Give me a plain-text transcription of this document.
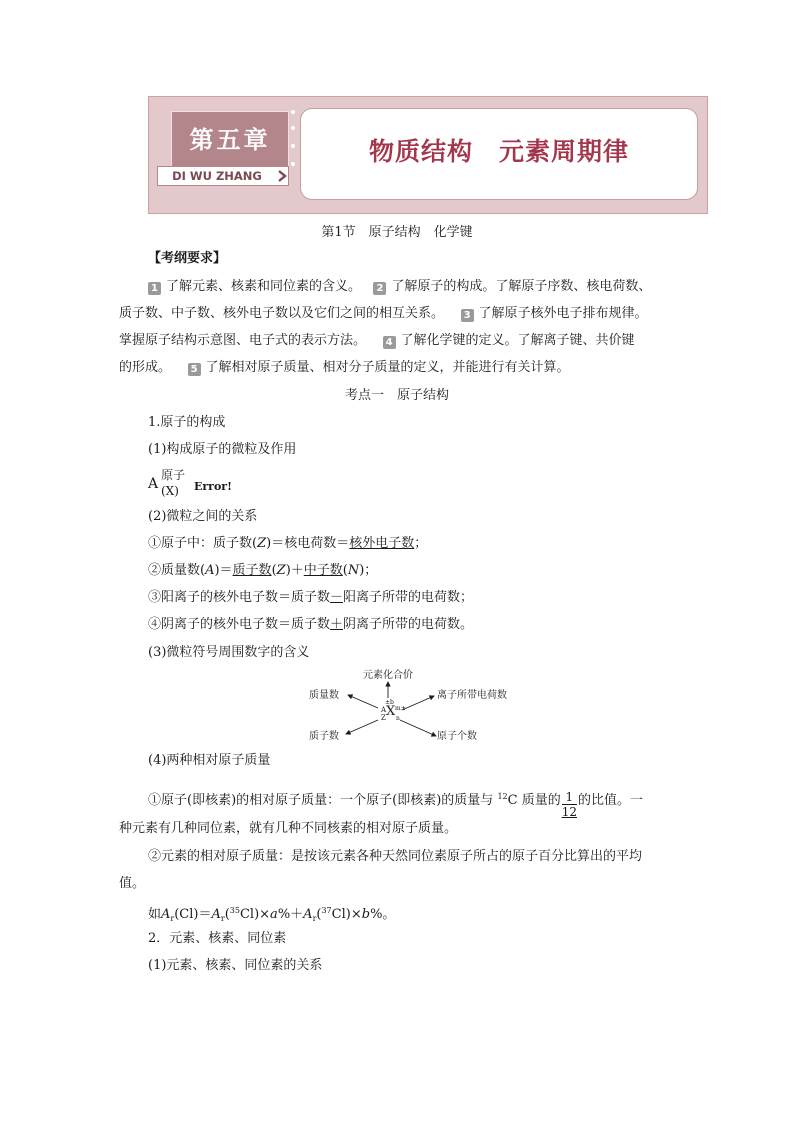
第五章
DI WU ZHANG
物质结构　元素周期律
第1节　原子结构　化学键
【考纲要求】
1 了解元素、核素和同位素的含义。 2 了解原子的构成。了解原子序数、核电荷数、
质子数、中子数、核外电子数以及它们之间的相互关系。 3 了解原子核外电子排布规律。
掌握原子结构示意图、电子式的表示方法。 4 了解化学键的定义。了解离子键、共价键
的形成。 5 了解相对原子质量、相对分子质量的定义，并能进行有关计算。
考点一　原子结构
1.原子的构成
(1)构成原子的微粒及作用
A
原子
(X) Error!
(2)微粒之间的关系
①原子中：质子数(Z)＝核电荷数＝核外电子数；
②质量数(A)＝质子数(Z)＋中子数(N)；
③阳离子的核外电子数＝质子数－阳离子所带的电荷数；
④阴离子的核外电子数＝质子数＋阴离子所带的电荷数。
(3)微粒符号周围数字的含义
元素化合价
质量数	离子所带电荷数
质子数	原子个数
A
Z X
±b
m±
n
(4)两种相对原子质量
①原子(即核素)的相对原子质量：一个原子(即核素)的质量与 $^{12}$C 质量的 $\frac{1}{12}$ 的比值。一
种元素有几种同位素，就有几种不同核素的相对原子质量。
②元素的相对原子质量：是按该元素各种天然同位素原子所占的原子百分比算出的平均
值。
如$A_r(Cl)=A_r(^{35}Cl)\times a\%+A_r(^{37}Cl)\times b\%$。
2．元素、核素、同位素
(1)元素、核素、同位素的关系
